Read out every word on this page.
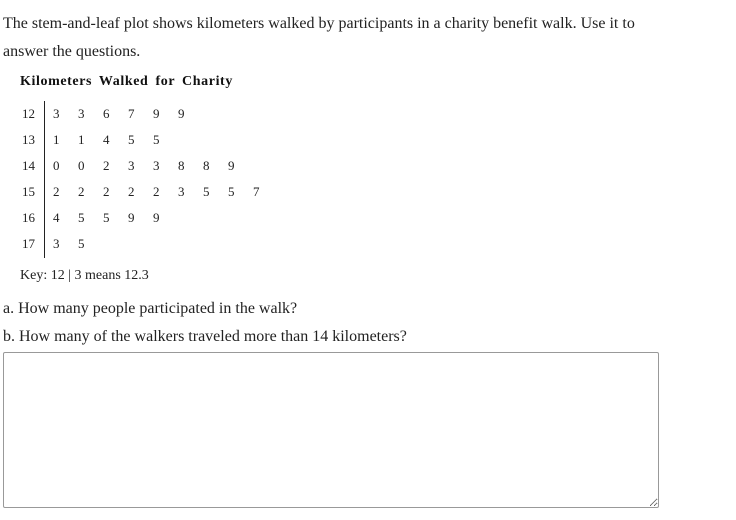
The stem-and-leaf plot shows kilometers walked by participants in a charity benefit walk. Use it to answer the questions.

Kilometers Walked for Charity

12	3	3	6	7	9	9
13	1	1	4	5	5
14	0	0	2	3	3	8	8	9
15	2	2	2	2	2	3	5	5	7
16	4	5	5	9	9
17	3	5

Key: 12 | 3 means 12.3

a. How many people participated in the walk?

b. How many of the walkers traveled more than 14 kilometers?
